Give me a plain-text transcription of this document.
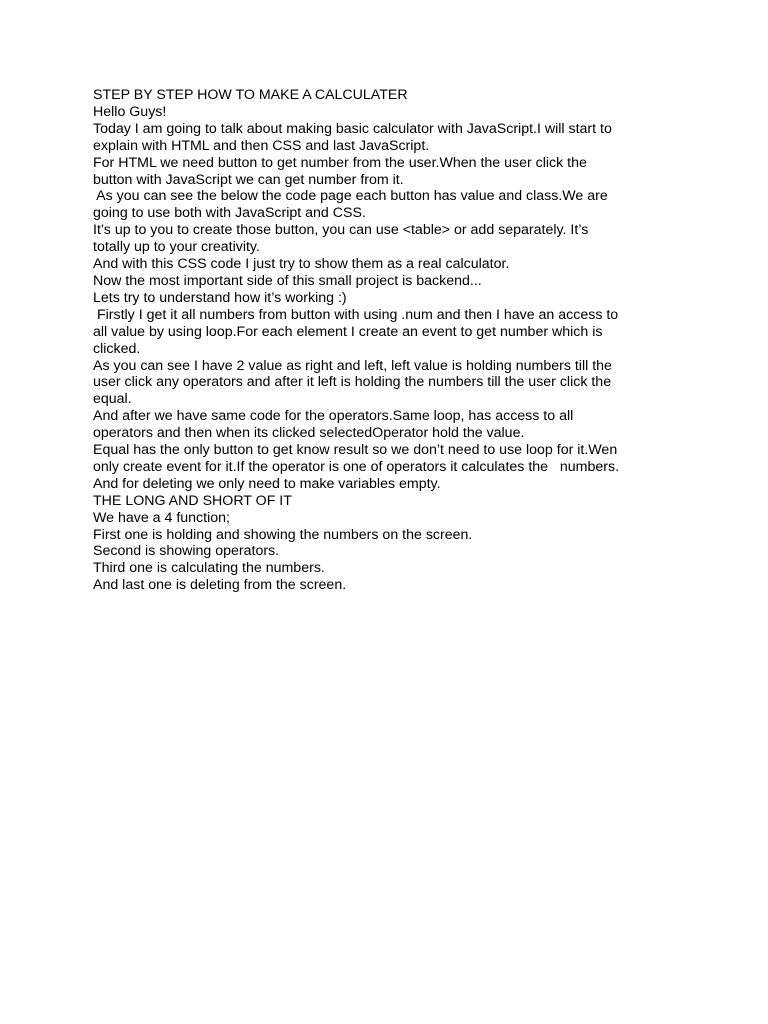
STEP BY STEP HOW TO MAKE A CALCULATER
Hello Guys!
Today I am going to talk about making basic calculator with JavaScript.I will start to
explain with HTML and then CSS and last JavaScript.
For HTML we need button to get number from the user.When the user click the
button with JavaScript we can get number from it.
As you can see the below the code page each button has value and class.We are
going to use both with JavaScript and CSS.
It’s up to you to create those button, you can use <table> or add separately. It’s
totally up to your creativity.
And with this CSS code I just try to show them as a real calculator.
Now the most important side of this small project is backend...
Lets try to understand how it’s working :)
Firstly I get it all numbers from button with using .num and then I have an access to
all value by using loop.For each element I create an event to get number which is
clicked.
As you can see I have 2 value as right and left, left value is holding numbers till the
user click any operators and after it left is holding the numbers till the user click the
equal.
And after we have same code for the operators.Same loop, has access to all
operators and then when its clicked selectedOperator hold the value.
Equal has the only button to get know result so we don’t need to use loop for it.Wen
only create event for it.If the operator is one of operators it calculates the   numbers.
And for deleting we only need to make variables empty.
THE LONG AND SHORT OF IT
We have a 4 function;
First one is holding and showing the numbers on the screen.
Second is showing operators.
Third one is calculating the numbers.
And last one is deleting from the screen.
